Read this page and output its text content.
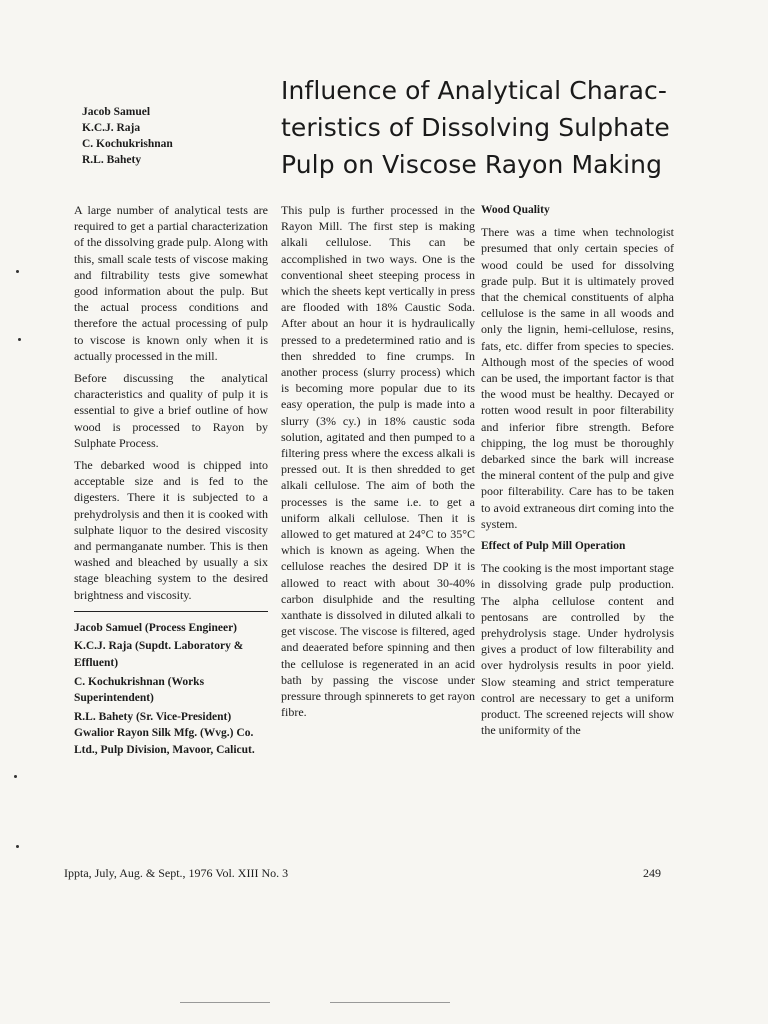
Jacob Samuel
K.C.J. Raja
C. Kochukrishnan
R.L. Bahety
Influence of Analytical Charac-
teristics of Dissolving Sulphate
Pulp on Viscose Rayon Making

A large number of analytical tests are required to get a partial characterization of the dissolving grade pulp. Along with this, small scale tests of viscose making and filtrability tests give somewhat good information about the pulp. But the actual process conditions and therefore the actual processing of pulp to viscose is known only when it is actually processed in the mill.

Before discussing the analytical characteristics and quality of pulp it is essential to give a brief outline of how wood is processed to Rayon by Sulphate Process.

The debarked wood is chipped into acceptable size and is fed to the digesters. There it is subjected to a prehydrolysis and then it is cooked with sulphate liquor to the desired viscosity and permanganate number. This is then washed and bleached by usually a six stage bleaching system to the desired brightness and viscosity.

Jacob Samuel (Process Engineer)

K.C.J. Raja (Supdt. Laboratory & Effluent)

C. Kochukrishnan (Works Superintendent)

R.L. Bahety (Sr. Vice-President) Gwalior Rayon Silk Mfg. (Wvg.) Co. Ltd., Pulp Division, Mavoor, Calicut.

This pulp is further processed in the Rayon Mill. The first step is making alkali cellulose. This can be accomplished in two ways. One is the conventional sheet steeping process in which the sheets kept vertically in press are flooded with 18% Caustic Soda. After about an hour it is hydraulically pressed to a predetermined ratio and is then shredded to fine crumps. In another process (slurry process) which is becoming more popular due to its easy operation, the pulp is made into a slurry (3% cy.) in 18% caustic soda solution, agitated and then pumped to a filtering press where the excess alkali is pressed out. It is then shredded to get alkali cellulose. The aim of both the processes is the same i.e. to get a uniform alkali cellulose. Then it is allowed to get matured at 24°C to 35°C which is known as ageing. When the cellulose reaches the desired DP it is allowed to react with about 30-40% carbon disulphide and the resulting xanthate is dissolved in diluted alkali to get viscose. The viscose is filtered, aged and deaerated before spinning and then the cellulose is regenerated in an acid bath by passing the viscose under pressure through spinnerets to get rayon fibre.

Wood Quality

There was a time when technologist presumed that only certain species of wood could be used for dissolving grade pulp. But it is ultimately proved that the chemical constituents of alpha cellulose is the same in all woods and only the lignin, hemi-cellulose, resins, fats, etc. differ from species to species. Although most of the species of wood can be used, the important factor is that the wood must be healthy. Decayed or rotten wood result in poor filterability and inferior fibre strength. Before chipping, the log must be thoroughly debarked since the bark will increase the mineral content of the pulp and give poor filterability. Care has to be taken to avoid extraneous dirt coming into the system.

Effect of Pulp Mill Operation

The cooking is the most important stage in dissolving grade pulp production. The alpha cellulose content and pentosans are controlled by the prehydrolysis stage. Under hydrolysis gives a product of low filterability and over hydrolysis results in poor yield. Slow steaming and strict temperature control are necessary to get a uniform product. The screened rejects will show the uniformity of the

Ippta, July, Aug. & Sept., 1976 Vol. XIII No. 3	249
